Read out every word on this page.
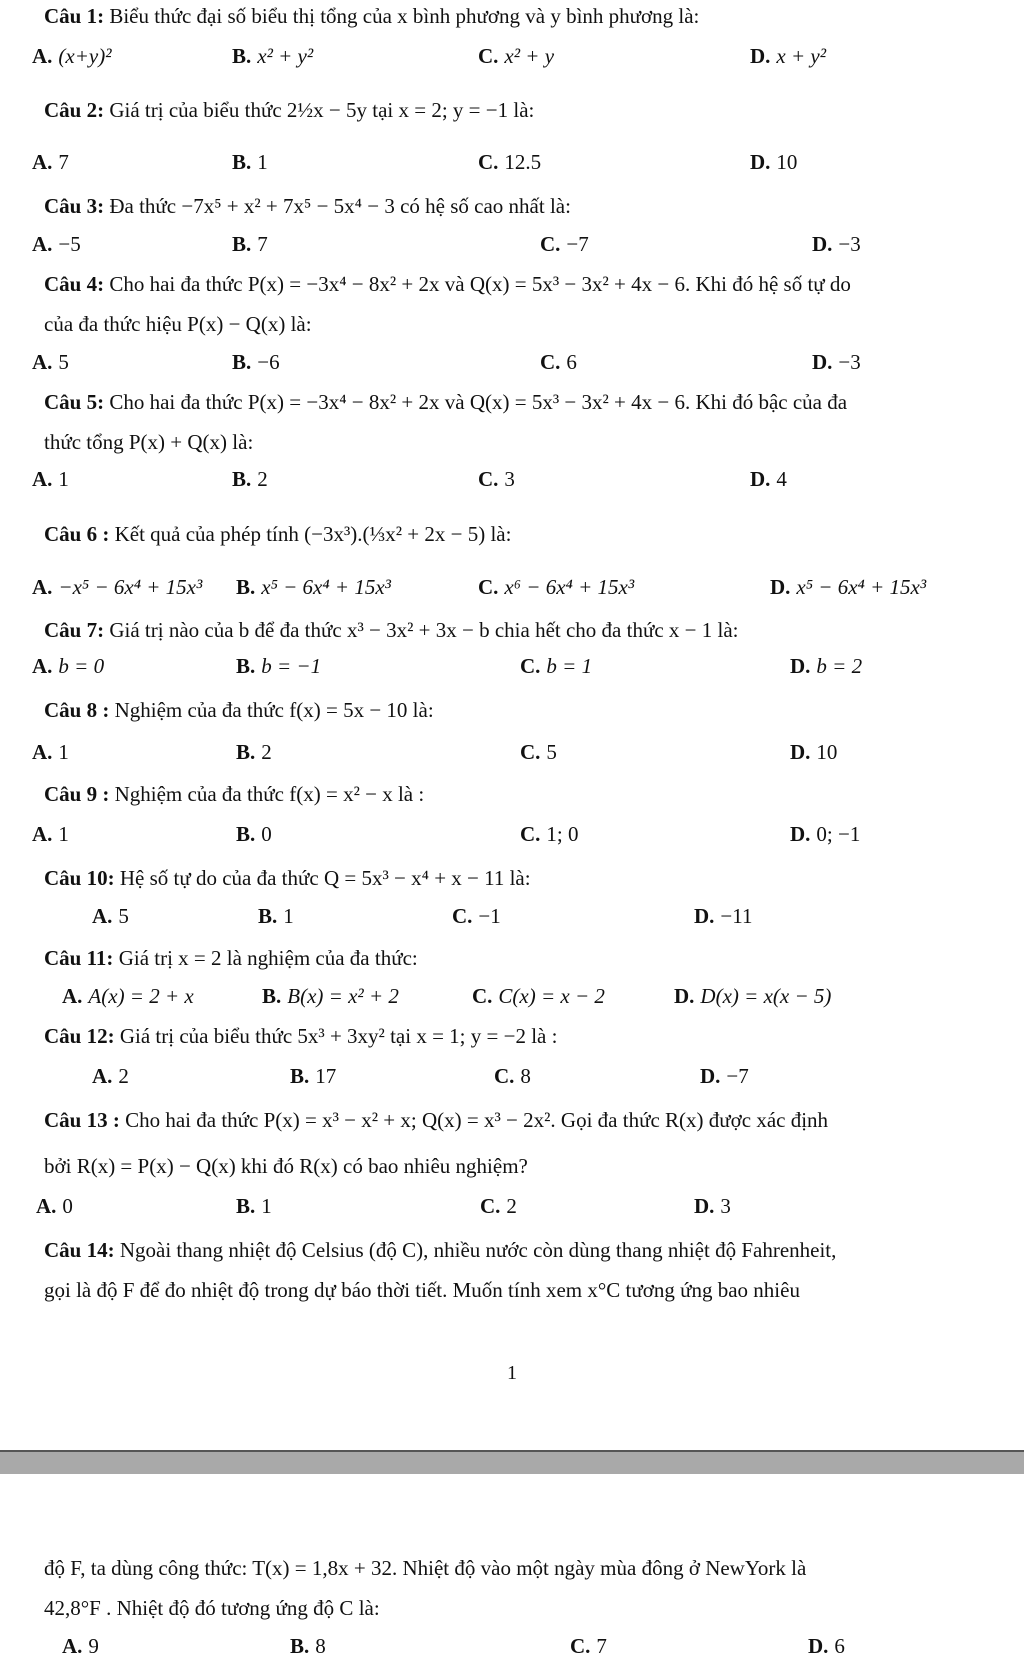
Câu 1: Biểu thức đại số biểu thị tổng của x bình phương và y bình phương là:
A. (x+y)²	B. x² + y²	C. x² + y	D. x + y²
Câu 2: Giá trị của biểu thức 2½x − 5y tại x = 2; y = −1 là:
A. 7	B. 1	C. 12.5	D. 10
Câu 3: Đa thức −7x⁵ + x² + 7x⁵ − 5x⁴ − 3 có hệ số cao nhất là:
A. −5	B. 7	C. −7	D. −3
Câu 4: Cho hai đa thức P(x) = −3x⁴ − 8x² + 2x và Q(x) = 5x³ − 3x² + 4x − 6. Khi đó hệ số tự do
của đa thức hiệu P(x) − Q(x) là:
A. 5	B. −6	C. 6	D. −3
Câu 5: Cho hai đa thức P(x) = −3x⁴ − 8x² + 2x và Q(x) = 5x³ − 3x² + 4x − 6. Khi đó bậc của đa
thức tổng P(x) + Q(x) là:
A. 1	B. 2	C. 3	D. 4
Câu 6 : Kết quả của phép tính (−3x³).(⅓x² + 2x − 5) là:
A. −x⁵ − 6x⁴ + 15x³ B. x⁵ − 6x⁴ + 15x³	C. x⁶ − 6x⁴ + 15x³	D. x⁵ − 6x⁴ + 15x³
Câu 7: Giá trị nào của b để đa thức x³ − 3x² + 3x − b chia hết cho đa thức x − 1 là:
A. b = 0	B. b = −1	C. b = 1	D. b = 2
Câu 8 : Nghiệm của đa thức f(x) = 5x − 10 là:
A. 1	B. 2	C. 5	D. 10
Câu 9 : Nghiệm của đa thức f(x) = x² − x là :
A. 1	B. 0	C. 1; 0	D. 0; −1
Câu 10: Hệ số tự do của đa thức Q = 5x³ − x⁴ + x − 11 là:
A. 5	B. 1	C. −1	D. −11
Câu 11: Giá trị x = 2 là nghiệm của đa thức:
A. A(x) = 2 + x	B. B(x) = x² + 2	C. C(x) = x − 2	D. D(x) = x(x − 5)
Câu 12: Giá trị của biểu thức 5x³ + 3xy² tại x = 1; y = −2 là :
A. 2	B. 17	C. 8	D. −7
Câu 13 : Cho hai đa thức P(x) = x³ − x² + x; Q(x) = x³ − 2x². Gọi đa thức R(x) được xác định
bởi R(x) = P(x) − Q(x) khi đó R(x) có bao nhiêu nghiệm?
A. 0	B. 1	C. 2	D. 3
Câu 14: Ngoài thang nhiệt độ Celsius (độ C), nhiều nước còn dùng thang nhiệt độ Fahrenheit,
gọi là độ F để đo nhiệt độ trong dự báo thời tiết. Muốn tính xem x°C tương ứng bao nhiêu
1
độ F, ta dùng công thức: T(x) = 1,8x + 32. Nhiệt độ vào một ngày mùa đông ở NewYork là
42,8°F . Nhiệt độ đó tương ứng độ C là:
A. 9	B. 8	C. 7	D. 6
